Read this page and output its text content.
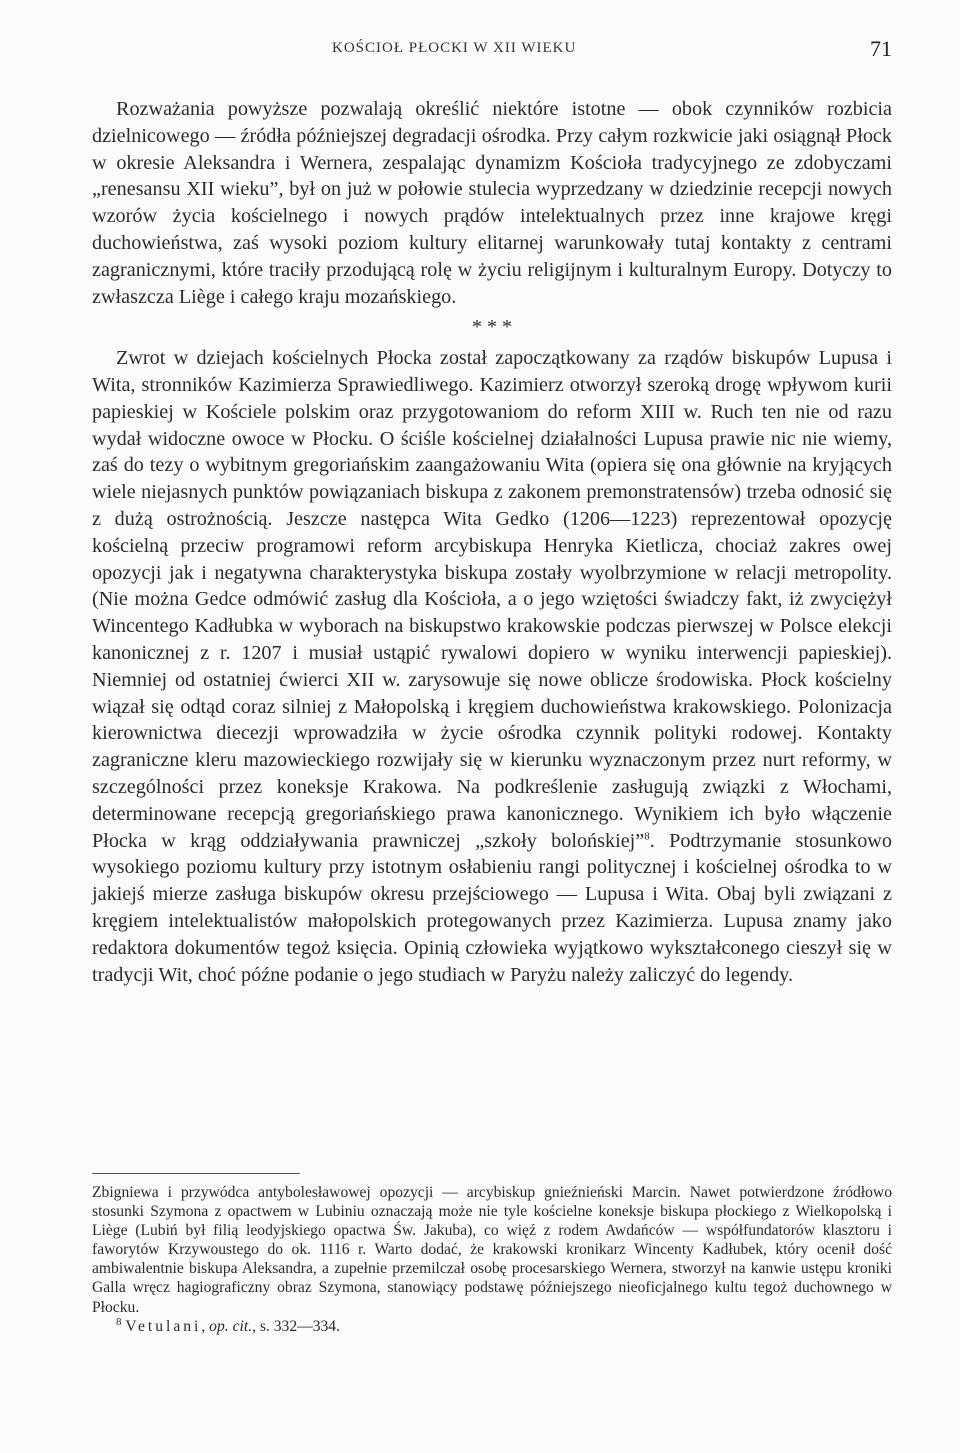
KOŚCIOŁ PŁOCKI W XII WIEKU	71

Rozważania powyższe pozwalają określić niektóre istotne — obok czynników rozbicia dzielnicowego — źródła późniejszej degradacji ośrodka. Przy całym rozkwicie jaki osiągnął Płock w okresie Aleksandra i Wernera, zespalając dynamizm Kościoła tradycyjnego ze zdobyczami „renesansu XII wieku”, był on już w połowie stulecia wyprzedzany w dziedzinie recepcji nowych wzorów życia kościelnego i nowych prądów intelektualnych przez inne krajowe kręgi duchowieństwa, zaś wysoki poziom kultury elitarnej warunkowały tutaj kontakty z centrami zagranicznymi, które traciły przodującą rolę w życiu religijnym i kulturalnym Europy. Dotyczy to zwłaszcza Liège i całego kraju mozańskiego.

* * *

Zwrot w dziejach kościelnych Płocka został zapoczątkowany za rządów biskupów Lupusa i Wita, stronników Kazimierza Sprawiedliwego. Kazimierz otworzył szeroką drogę wpływom kurii papieskiej w Kościele polskim oraz przygotowaniom do reform XIII w. Ruch ten nie od razu wydał widoczne owoce w Płocku. O ściśle kościelnej działalności Lupusa prawie nic nie wiemy, zaś do tezy o wybitnym gregoriańskim zaangażowaniu Wita (opiera się ona głównie na kryjących wiele niejasnych punktów powiązaniach biskupa z zakonem premonstratensów) trzeba odnosić się z dużą ostrożnością. Jeszcze następca Wita Gedko (1206—1223) reprezentował opozycję kościelną przeciw programowi reform arcybiskupa Henryka Kietlicza, chociaż zakres owej opozycji jak i negatywna charakterystyka biskupa zostały wyolbrzymione w relacji metropolity. (Nie można Gedce odmówić zasług dla Kościoła, a o jego wziętości świadczy fakt, iż zwyciężył Wincentego Kadłubka w wyborach na biskupstwo krakowskie podczas pierwszej w Polsce elekcji kanonicznej z r. 1207 i musiał ustąpić rywalowi dopiero w wyniku interwencji papieskiej). Niemniej od ostatniej ćwierci XII w. zarysowuje się nowe oblicze środowiska. Płock kościelny wiązał się odtąd coraz silniej z Małopolską i kręgiem duchowieństwa krakowskiego. Polonizacja kierownictwa diecezji wprowadziła w życie ośrodka czynnik polityki rodowej. Kontakty zagraniczne kleru mazowieckiego rozwijały się w kierunku wyznaczonym przez nurt reformy, w szczególności przez koneksje Krakowa. Na podkreślenie zasługują związki z Włochami, determinowane recepcją gregoriańskiego prawa kanonicznego. Wynikiem ich było włączenie Płocka w krąg oddziaływania prawniczej „szkoły bolońskiej”$^8$. Podtrzymanie stosunkowo wysokiego poziomu kultury przy istotnym osłabieniu rangi politycznej i kościelnej ośrodka to w jakiejś mierze zasługa biskupów okresu przejściowego — Lupusa i Wita. Obaj byli związani z kręgiem intelektualistów małopolskich protegowanych przez Kazimierza. Lupusa znamy jako redaktora dokumentów tegoż księcia. Opinią człowieka wyjątkowo wykształconego cieszył się w tradycji Wit, choć późne podanie o jego studiach w Paryżu należy zaliczyć do legendy.

Zbigniewa i przywódca antybolesławowej opozycji — arcybiskup gnieźnieński Marcin. Nawet potwierdzone źródłowo stosunki Szymona z opactwem w Lubiniu oznaczają może nie tyle kościelne koneksje biskupa płockiego z Wielkopolską i Liège (Lubiń był filią leodyjskiego opactwa Św. Jakuba), co więź z rodem Awdańców — współfundatorów klasztoru i faworytów Krzywoustego do ok. 1116 r. Warto dodać, że krakowski kronikarz Wincenty Kadłubek, który ocenił dość ambiwalentnie biskupa Aleksandra, a zupełnie przemilczał osobę procesarskiego Wernera, stworzył na kanwie ustępu kroniki Galla wręcz hagiograficzny obraz Szymona, stanowiący podstawę późniejszego nieoficjalnego kultu tegoż duchownego w Płocku.

$^8$ Vetulani, op. cit., s. 332—334.
